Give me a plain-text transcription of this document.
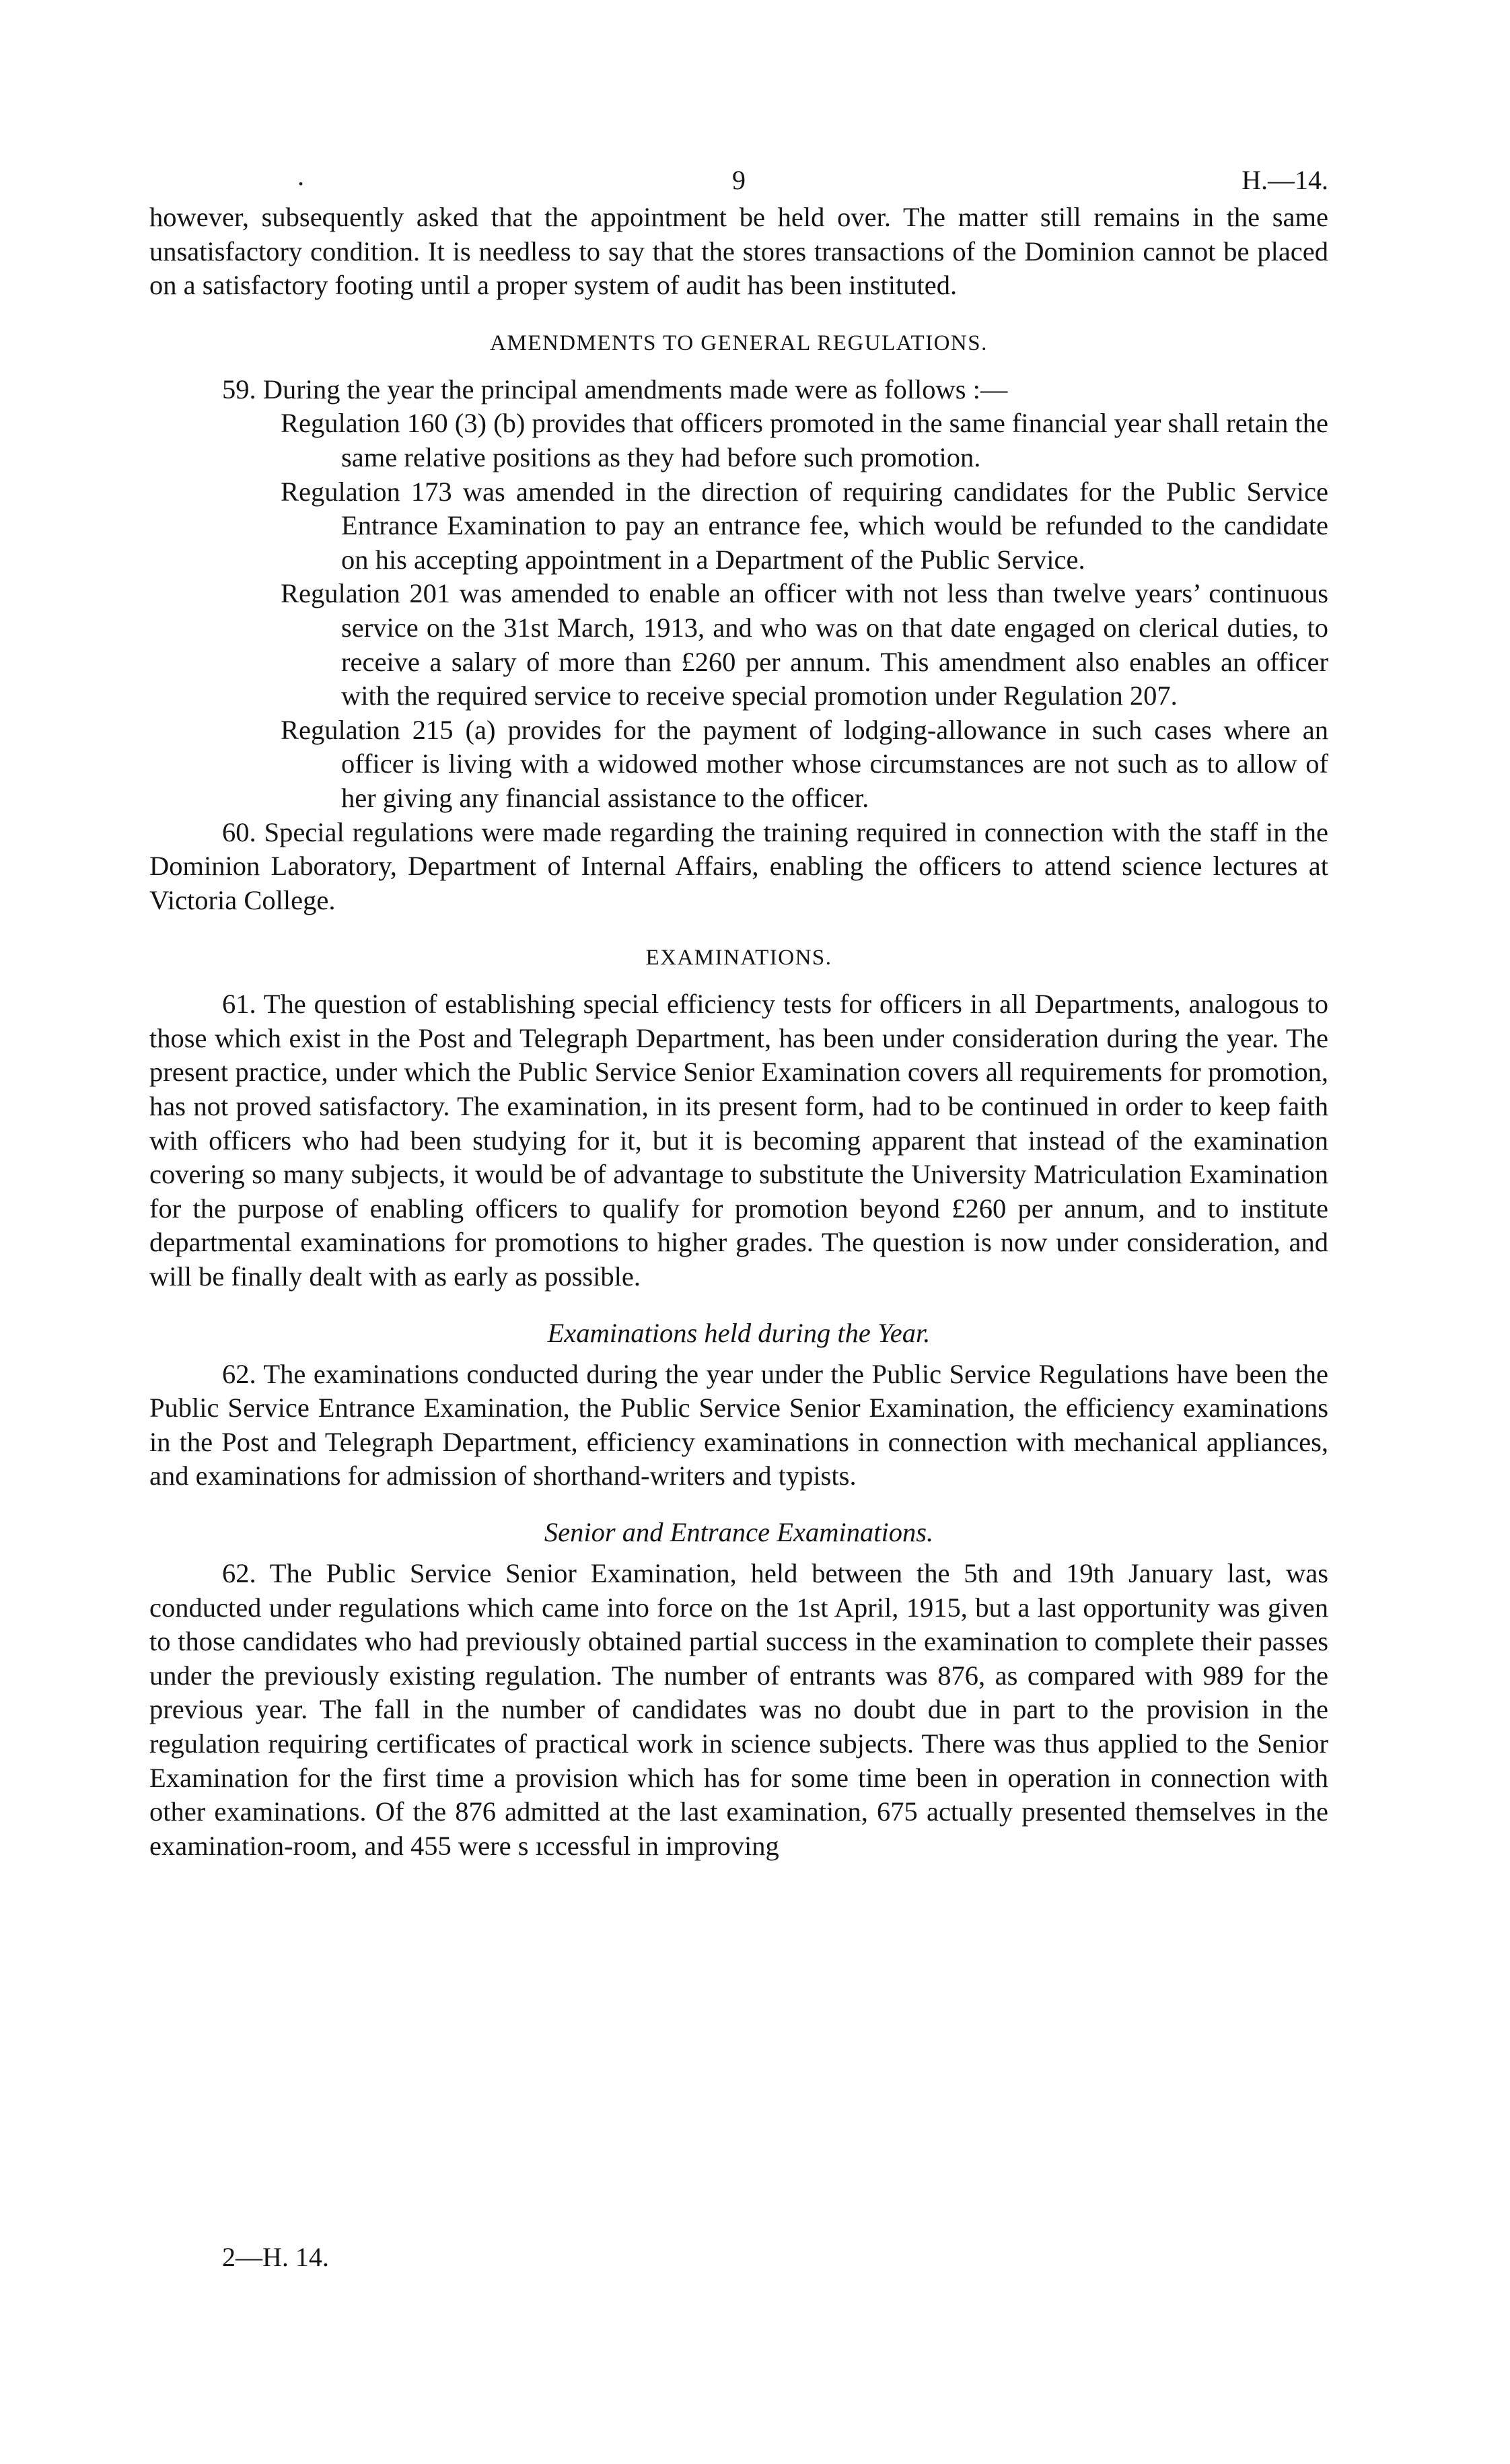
.	9	H.—14.

however, subsequently asked that the appointment be held over. The matter still remains in the same unsatisfactory condition. It is needless to say that the stores transactions of the Dominion cannot be placed on a satisfactory footing until a proper system of audit has been instituted.

AMENDMENTS TO GENERAL REGULATIONS.

59. During the year the principal amendments made were as follows :—

Regulation 160 (3) (b) provides that officers promoted in the same financial year shall retain the same relative positions as they had before such promotion.

Regulation 173 was amended in the direction of requiring candidates for the Public Service Entrance Examination to pay an entrance fee, which would be refunded to the candidate on his accepting appointment in a Department of the Public Service.

Regulation 201 was amended to enable an officer with not less than twelve years’ continuous service on the 31st March, 1913, and who was on that date engaged on clerical duties, to receive a salary of more than £260 per annum. This amendment also enables an officer with the required service to receive special promotion under Regulation 207.

Regulation 215 (a) provides for the payment of lodging-allowance in such cases where an officer is living with a widowed mother whose circumstances are not such as to allow of her giving any financial assistance to the officer.

60. Special regulations were made regarding the training required in connection with the staff in the Dominion Laboratory, Department of Internal Affairs, enabling the officers to attend science lectures at Victoria College.

EXAMINATIONS.

61. The question of establishing special efficiency tests for officers in all Departments, analogous to those which exist in the Post and Telegraph Department, has been under consideration during the year. The present practice, under which the Public Service Senior Examination covers all requirements for promotion, has not proved satisfactory. The examination, in its present form, had to be continued in order to keep faith with officers who had been studying for it, but it is becoming apparent that instead of the examination covering so many subjects, it would be of advantage to substitute the University Matriculation Examination for the purpose of enabling officers to qualify for promotion beyond £260 per annum, and to institute departmental examinations for promotions to higher grades. The question is now under consideration, and will be finally dealt with as early as possible.

Examinations held during the Year.

62. The examinations conducted during the year under the Public Service Regulations have been the Public Service Entrance Examination, the Public Service Senior Examination, the efficiency examinations in the Post and Telegraph Department, efficiency examinations in connection with mechanical appliances, and examinations for admission of shorthand-writers and typists.

Senior and Entrance Examinations.

62. The Public Service Senior Examination, held between the 5th and 19th January last, was conducted under regulations which came into force on the 1st April, 1915, but a last opportunity was given to those candidates who had previously obtained partial success in the examination to complete their passes under the previously existing regulation. The number of entrants was 876, as compared with 989 for the previous year. The fall in the number of candidates was no doubt due in part to the provision in the regulation requiring certificates of practical work in science subjects. There was thus applied to the Senior Examination for the first time a provision which has for some time been in operation in connection with other examinations. Of the 876 admitted at the last examination, 675 actually presented themselves in the examination-room, and 455 were s ıccessful in improving

2—H. 14.
